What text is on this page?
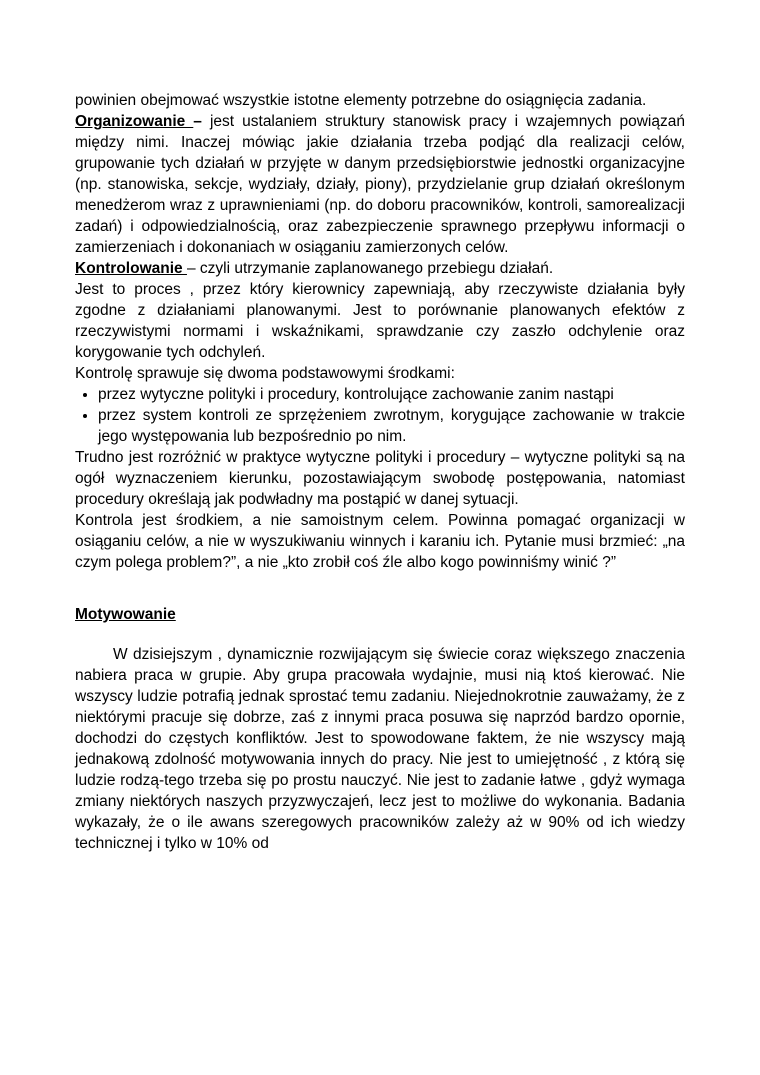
powinien obejmować wszystkie istotne elementy potrzebne do osiągnięcia zadania.

Organizowanie – jest ustalaniem struktury stanowisk pracy i wzajemnych powiązań między nimi. Inaczej mówiąc jakie działania trzeba podjąć dla realizacji celów, grupowanie tych działań w przyjęte w danym przedsiębiorstwie jednostki organizacyjne (np. stanowiska, sekcje, wydziały, działy, piony), przydzielanie grup działań określonym menedżerom wraz z uprawnieniami (np. do doboru pracowników, kontroli, samorealizacji zadań) i odpowiedzialnością, oraz zabezpieczenie sprawnego przepływu informacji o zamierzeniach i dokonaniach w osiąganiu zamierzonych celów.

Kontrolowanie – czyli utrzymanie zaplanowanego przebiegu działań.

Jest to proces , przez który kierownicy zapewniają, aby rzeczywiste działania były zgodne z działaniami planowanymi. Jest to porównanie planowanych efektów z rzeczywistymi normami i wskaźnikami, sprawdzanie czy zaszło odchylenie oraz korygowanie tych odchyleń.

Kontrolę sprawuje się dwoma podstawowymi środkami:

• przez wytyczne polityki i procedury, kontrolujące zachowanie zanim nastąpi
• przez system kontroli ze sprzężeniem zwrotnym, korygujące zachowanie w trakcie jego występowania lub bezpośrednio po nim.

Trudno jest rozróżnić w praktyce wytyczne polityki i procedury – wytyczne polityki są na ogół wyznaczeniem kierunku, pozostawiającym swobodę postępowania, natomiast procedury określają jak podwładny ma postąpić w danej sytuacji.

Kontrola jest środkiem, a nie samoistnym celem. Powinna pomagać organizacji w osiąganiu celów, a nie w wyszukiwaniu winnych i karaniu ich. Pytanie musi brzmieć: „na czym polega problem?”, a nie „kto zrobił coś źle albo kogo powinniśmy winić ?”

Motywowanie

W dzisiejszym , dynamicznie rozwijającym się świecie coraz większego znaczenia nabiera praca w grupie. Aby grupa pracowała wydajnie, musi nią ktoś kierować. Nie wszyscy ludzie potrafią jednak sprostać temu zadaniu. Niejednokrotnie zauważamy, że z niektórymi pracuje się dobrze, zaś z innymi praca posuwa się naprzód bardzo opornie, dochodzi do częstych konfliktów. Jest to spowodowane faktem, że nie wszyscy mają jednakową zdolność motywowania innych do pracy. Nie jest to umiejętność , z którą się ludzie rodzą-tego trzeba się po prostu nauczyć. Nie jest to zadanie łatwe , gdyż wymaga zmiany niektórych naszych przyzwyczajeń, lecz jest to możliwe do wykonania. Badania wykazały, że o ile awans szeregowych pracowników zależy aż w 90% od ich wiedzy technicznej i tylko w 10% od
